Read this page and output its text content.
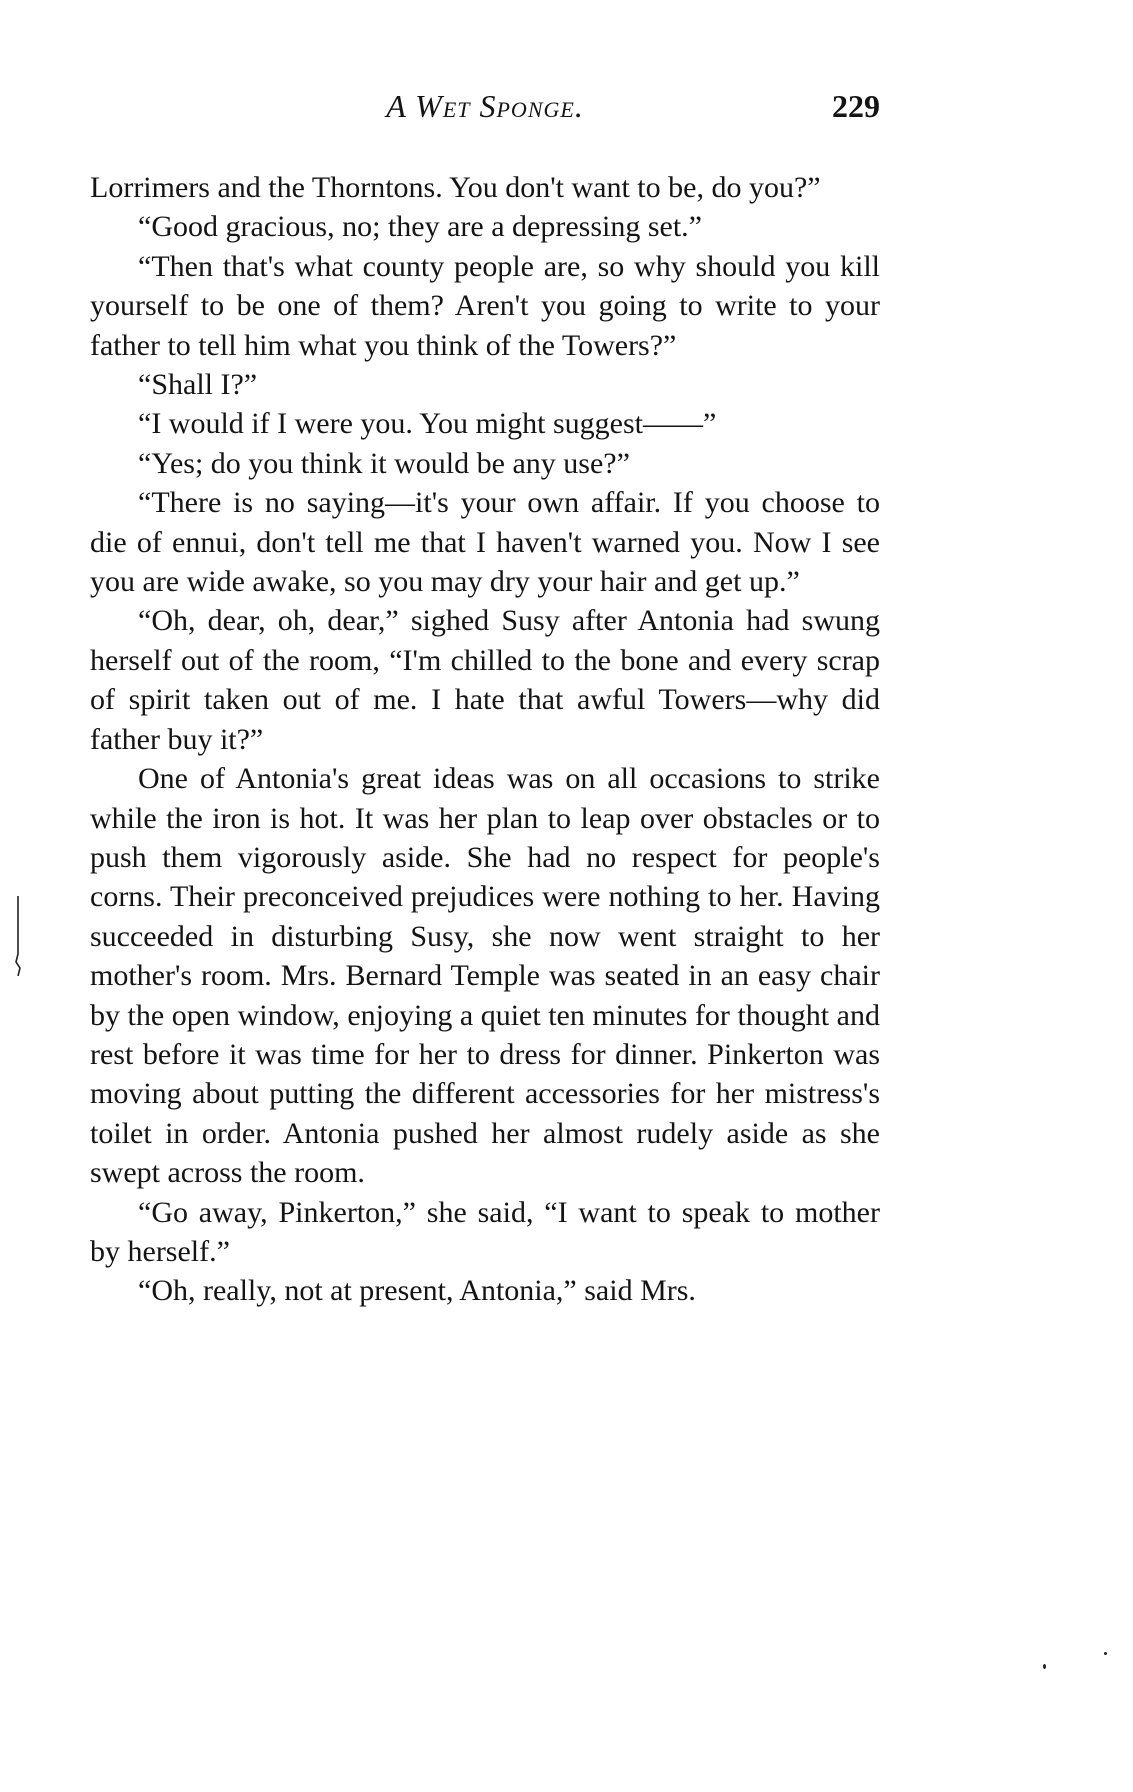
A Wet Sponge.	229

Lorrimers and the Thorntons. You don't want to be, do you?”

“Good gracious, no; they are a depressing set.”

“Then that's what county people are, so why should you kill yourself to be one of them? Aren't you going to write to your father to tell him what you think of the Towers?”

“Shall I?”

“I would if I were you. You might suggest——”

“Yes; do you think it would be any use?”

“There is no saying—it's your own affair. If you choose to die of ennui, don't tell me that I haven't warned you. Now I see you are wide awake, so you may dry your hair and get up.”

“Oh, dear, oh, dear,” sighed Susy after Antonia had swung herself out of the room, “I'm chilled to the bone and every scrap of spirit taken out of me. I hate that awful Towers—why did father buy it?”

One of Antonia's great ideas was on all occasions to strike while the iron is hot. It was her plan to leap over obstacles or to push them vigorously aside. She had no respect for people's corns. Their preconceived prejudices were nothing to her. Having succeeded in disturbing Susy, she now went straight to her mother's room. Mrs. Bernard Temple was seated in an easy chair by the open window, enjoying a quiet ten minutes for thought and rest before it was time for her to dress for dinner. Pinkerton was moving about putting the different accessories for her mistress's toilet in order. Antonia pushed her almost rudely aside as she swept across the room.

“Go away, Pinkerton,” she said, “I want to speak to mother by herself.”

“Oh, really, not at present, Antonia,” said Mrs.
